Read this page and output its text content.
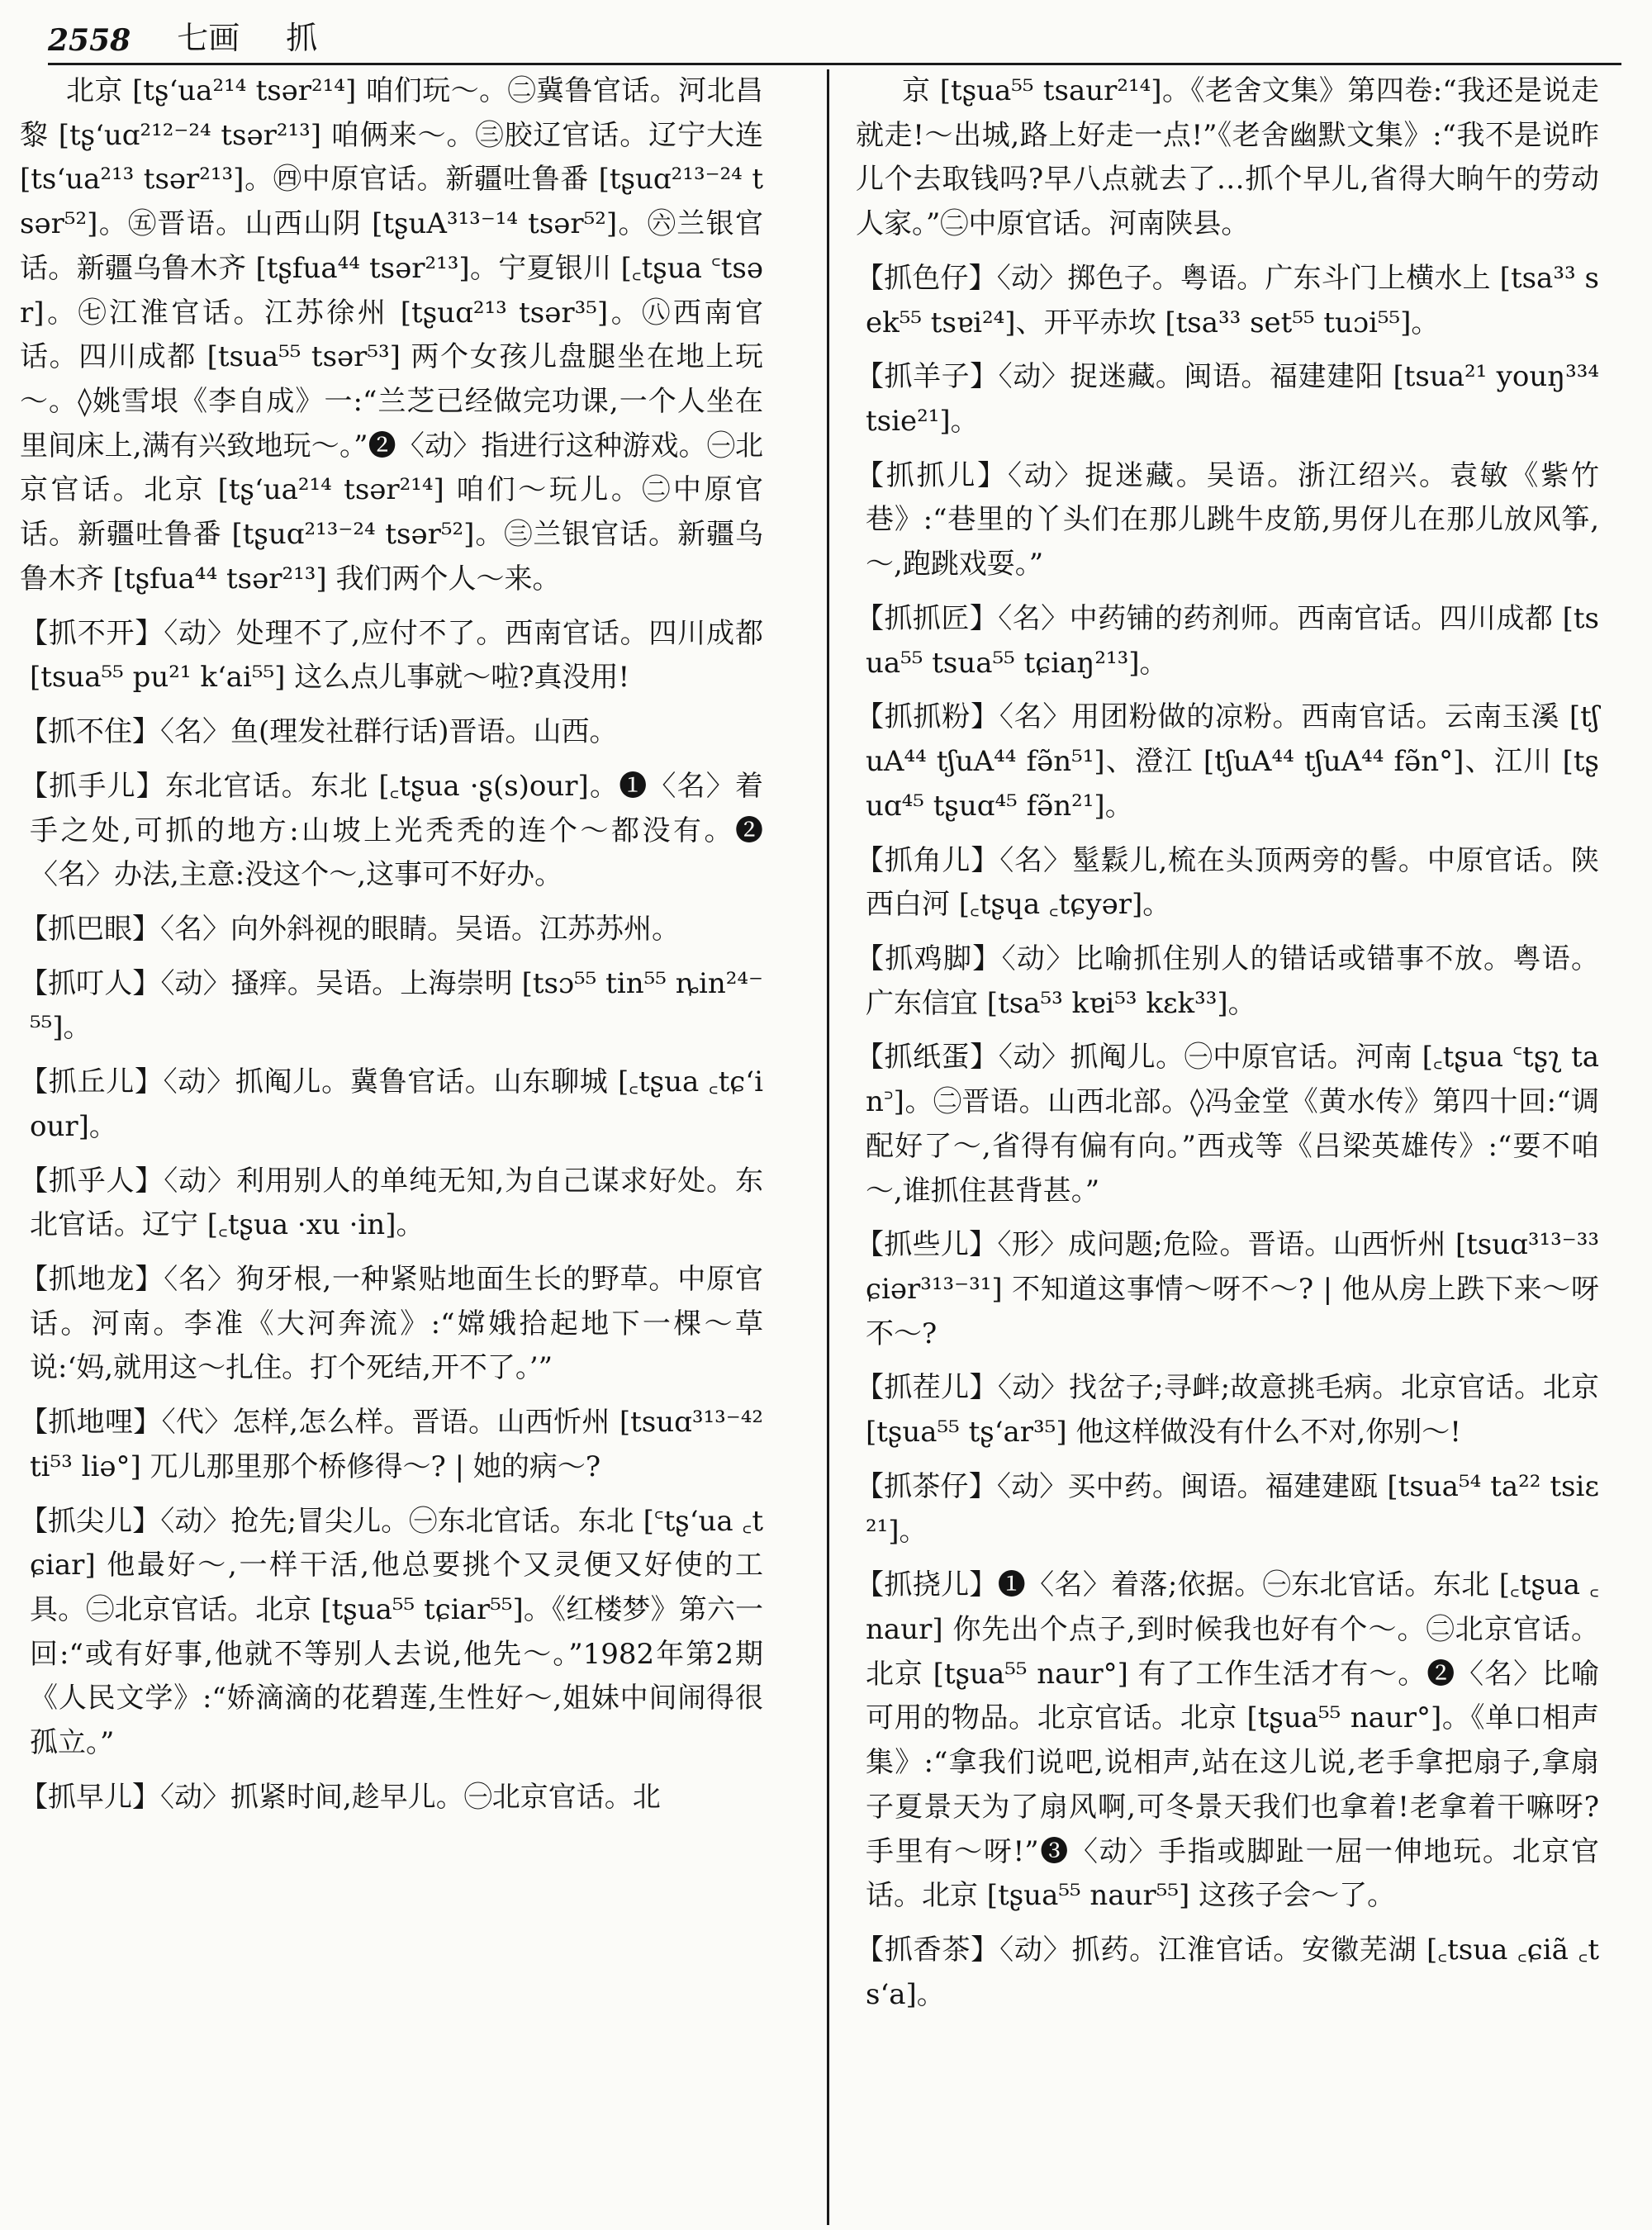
2558 七画 抓

北京 [tʂ‘ua²¹⁴ tsər²¹⁴] 咱们玩～。㊁冀鲁官话。河北昌黎 [tʂ‘uɑ²¹²⁻²⁴ tsər²¹³] 咱俩来～。㊂胶辽官话。辽宁大连 [ts‘ua²¹³ tsər²¹³]。㊃中原官话。新疆吐鲁番 [tʂuɑ²¹³⁻²⁴ tsər⁵²]。㊄晋语。山西山阴 [tʂuA³¹³⁻¹⁴ tsər⁵²]。㊅兰银官话。新疆乌鲁木齐 [tʂfua⁴⁴ tsər²¹³]。宁夏银川 [꜀tʂua ꜂tsər]。㊆江淮官话。江苏徐州 [tʂuɑ²¹³ tsər³⁵]。㊇西南官话。四川成都 [tsua⁵⁵ tsər⁵³] 两个女孩儿盘腿坐在地上玩～。◊姚雪垠《李自成》一:“兰芝已经做完功课,一个人坐在里间床上,满有兴致地玩～。”❷〈动〉指进行这种游戏。㊀北京官话。北京 [tʂ‘ua²¹⁴ tsər²¹⁴] 咱们～玩儿。㊁中原官话。新疆吐鲁番 [tʂuɑ²¹³⁻²⁴ tsər⁵²]。㊂兰银官话。新疆乌鲁木齐 [tʂfua⁴⁴ tsər²¹³] 我们两个人～来。

【抓不开】〈动〉处理不了,应付不了。西南官话。四川成都 [tsua⁵⁵ pu²¹ k‘ai⁵⁵] 这么点儿事就～啦?真没用!

【抓不住】〈名〉鱼(理发社群行话)晋语。山西。

【抓手儿】东北官话。东北 [꜀tʂua ·ʂ(s)our]。❶〈名〉着手之处,可抓的地方:山坡上光秃秃的连个～都没有。❷〈名〉办法,主意:没这个～,这事可不好办。

【抓巴眼】〈名〉向外斜视的眼睛。吴语。江苏苏州。

【抓叮人】〈动〉搔痒。吴语。上海崇明 [tsɔ⁵⁵ tin⁵⁵ ȵin²⁴⁻⁵⁵]。

【抓丘儿】〈动〉抓阄儿。冀鲁官话。山东聊城 [꜀tʂua ꜀tɕ‘iour]。

【抓乎人】〈动〉利用别人的单纯无知,为自己谋求好处。东北官话。辽宁 [꜀tʂua ·xu ·in]。

【抓地龙】〈名〉狗牙根,一种紧贴地面生长的野草。中原官话。河南。李准《大河奔流》:“嫦娥拾起地下一棵～草说:‘妈,就用这～扎住。打个死结,开不了。’”

【抓地哩】〈代〉怎样,怎么样。晋语。山西忻州 [tsuɑ³¹³⁻⁴² ti⁵³ liə°] 兀儿那里那个桥修得～? | 她的病～?

【抓尖儿】〈动〉抢先;冒尖儿。㊀东北官话。东北 [꜂tʂ‘ua ꜀tɕiar] 他最好～,一样干活,他总要挑个又灵便又好使的工具。㊁北京官话。北京 [tʂua⁵⁵ tɕiar⁵⁵]。《红楼梦》第六一回:“或有好事,他就不等别人去说,他先～。”1982年第2期《人民文学》:“娇滴滴的花碧莲,生性好～,姐妹中间闹得很孤立。”

【抓早儿】〈动〉抓紧时间,趁早儿。㊀北京官话。北

京 [tʂua⁵⁵ tsaur²¹⁴]。《老舍文集》第四卷:“我还是说走就走!～出城,路上好走一点!”《老舍幽默文集》:“我不是说昨儿个去取钱吗?早八点就去了…抓个早儿,省得大晌午的劳动人家。”㊁中原官话。河南陕县。

【抓色仔】〈动〉掷色子。粤语。广东斗门上横水上 [tsa³³ sek⁵⁵ tsɐi²⁴]、开平赤坎 [tsa³³ set⁵⁵ tuɔi⁵⁵]。

【抓羊子】〈动〉捉迷藏。闽语。福建建阳 [tsua²¹ youŋ³³⁴ tsie²¹]。

【抓抓儿】〈动〉捉迷藏。吴语。浙江绍兴。袁敏《紫竹巷》:“巷里的丫头们在那儿跳牛皮筋,男伢儿在那儿放风筝,～,跑跳戏耍。”

【抓抓匠】〈名〉中药铺的药剂师。西南官话。四川成都 [tsua⁵⁵ tsua⁵⁵ tɕiaŋ²¹³]。

【抓抓粉】〈名〉用团粉做的凉粉。西南官话。云南玉溪 [tʃuA⁴⁴ tʃuA⁴⁴ fə̃n⁵¹]、澄江 [tʃuA⁴⁴ tʃuA⁴⁴ fə̃n°]、江川 [tʂuɑ⁴⁵ tʂuɑ⁴⁵ fə̃n²¹]。

【抓角儿】〈名〉髽鬏儿,梳在头顶两旁的髻。中原官话。陕西白河 [꜀tʂɥa ꜀tɕyər]。

【抓鸡脚】〈动〉比喻抓住别人的错话或错事不放。粤语。广东信宜 [tsa⁵³ kɐi⁵³ kɛk³³]。

【抓纸蛋】〈动〉抓阄儿。㊀中原官话。河南 [꜀tʂua ꜂tʂʅ tan꜄]。㊁晋语。山西北部。◊冯金堂《黄水传》第四十回:“调配好了～,省得有偏有向。”西戎等《吕梁英雄传》:“要不咱～,谁抓住甚背甚。”

【抓些儿】〈形〉成问题;危险。晋语。山西忻州 [tsuɑ³¹³⁻³³ ɕiər³¹³⁻³¹] 不知道这事情～呀不～? | 他从房上跌下来～呀不～?

【抓茬儿】〈动〉找岔子;寻衅;故意挑毛病。北京官话。北京 [tʂua⁵⁵ tʂ‘ar³⁵] 他这样做没有什么不对,你别～!

【抓茶仔】〈动〉买中药。闽语。福建建瓯 [tsua⁵⁴ ta²² tsiɛ²¹]。

【抓挠儿】❶〈名〉着落;依据。㊀东北官话。东北 [꜀tʂua ꜀naur] 你先出个点子,到时候我也好有个～。㊁北京官话。北京 [tʂua⁵⁵ naur°] 有了工作生活才有～。❷〈名〉比喻可用的物品。北京官话。北京 [tʂua⁵⁵ naur°]。《单口相声集》:“拿我们说吧,说相声,站在这儿说,老手拿把扇子,拿扇子夏景天为了扇风啊,可冬景天我们也拿着!老拿着干嘛呀?手里有～呀!”❸〈动〉手指或脚趾一屈一伸地玩。北京官话。北京 [tʂua⁵⁵ naur⁵⁵] 这孩子会～了。

【抓香茶】〈动〉抓药。江淮官话。安徽芜湖 [꜀tsua ꜀ɕiã ꜀ts‘a]。
